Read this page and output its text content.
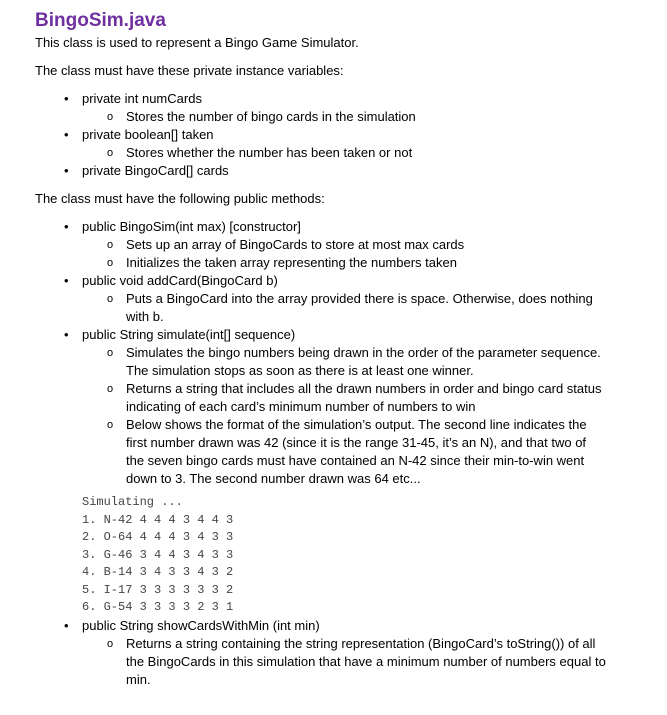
BingoSim.java

This class is used to represent a Bingo Game Simulator.

The class must have these private instance variables:

• private int numCards
o Stores the number of bingo cards in the simulation
• private boolean[] taken
o Stores whether the number has been taken or not
• private BingoCard[] cards

The class must have the following public methods:

• public BingoSim(int max) [constructor]
o Sets up an array of BingoCards to store at most max cards
o Initializes the taken array representing the numbers taken
• public void addCard(BingoCard b)
o Puts a BingoCard into the array provided there is space. Otherwise, does nothing with b.
• public String simulate(int[] sequence)
o Simulates the bingo numbers being drawn in the order of the parameter sequence. The simulation stops as soon as there is at least one winner.
o Returns a string that includes all the drawn numbers in order and bingo card status indicating of each card’s minimum number of numbers to win
o Below shows the format of the simulation’s output. The second line indicates the first number drawn was 42 (since it is the range 31-45, it’s an N), and that two of the seven bingo cards must have contained an N-42 since their min-to-win went down to 3. The second number drawn was 64 etc...
Simulating ...
1. N-42 4 4 4 3 4 4 3
2. O-64 4 4 4 3 4 3 3
3. G-46 3 4 4 3 4 3 3
4. B-14 3 4 3 3 4 3 2
5. I-17 3 3 3 3 3 3 2
6. G-54 3 3 3 3 2 3 1
• public String showCardsWithMin (int min)
o Returns a string containing the string representation (BingoCard’s toString()) of all the BingoCards in this simulation that have a minimum number of numbers equal to min.
